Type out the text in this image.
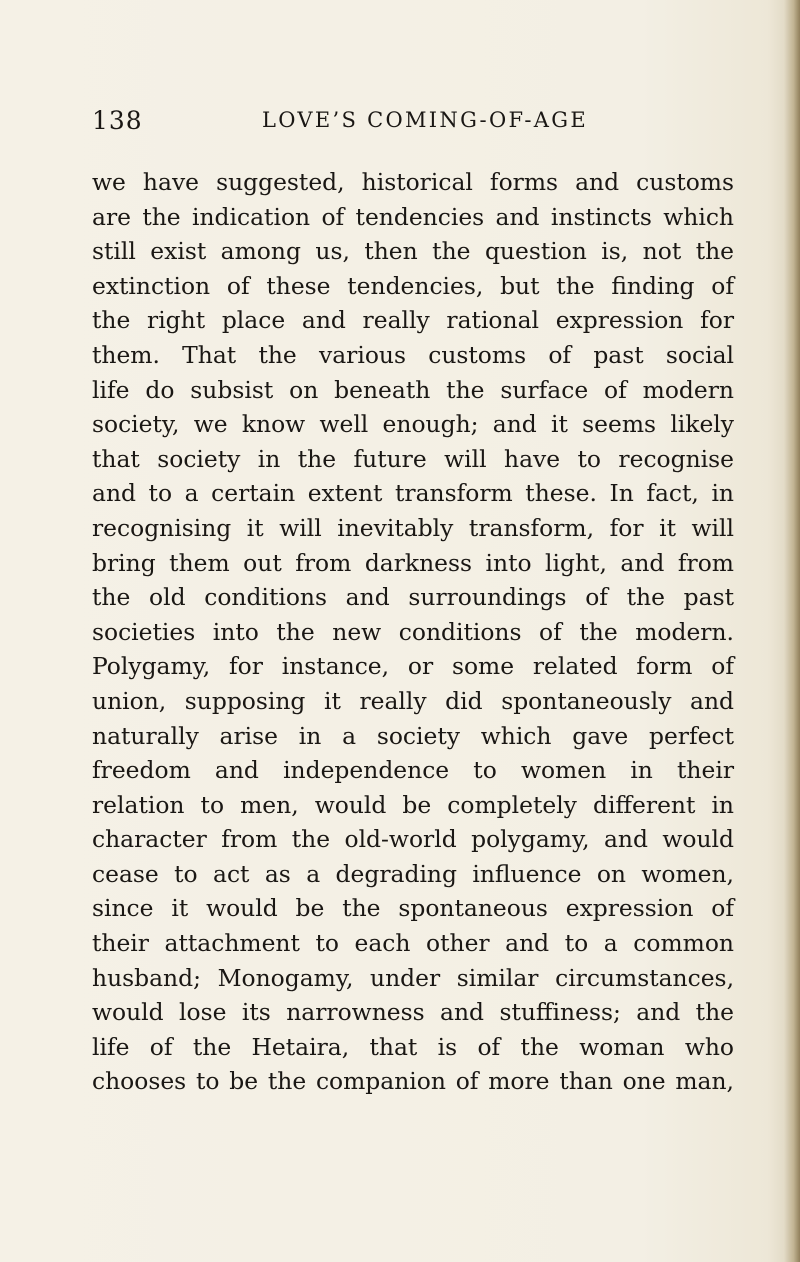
138	LOVE’S COMING-OF-AGE
we have suggested, historical forms and customs
are the indication of tendencies and instincts which
still exist among us, then the question is, not the
extinction of these tendencies, but the finding of
the right place and really rational expression for
them. That the various customs of past social
life do subsist on beneath the surface of modern
society, we know well enough; and it seems likely
that society in the future will have to recognise
and to a certain extent transform these. In fact, in
recognising it will inevitably transform, for it will
bring them out from darkness into light, and from
the old conditions and surroundings of the past
societies into the new conditions of the modern.
Polygamy, for instance, or some related form of
union, supposing it really did spontaneously and
naturally arise in a society which gave perfect
freedom and independence to women in their
relation to men, would be completely different in
character from the old-world polygamy, and would
cease to act as a degrading influence on women,
since it would be the spontaneous expression of
their attachment to each other and to a common
husband; Monogamy, under similar circumstances,
would lose its narrowness and stuffiness; and the
life of the Hetaira, that is of the woman who
chooses to be the companion of more than one man,
